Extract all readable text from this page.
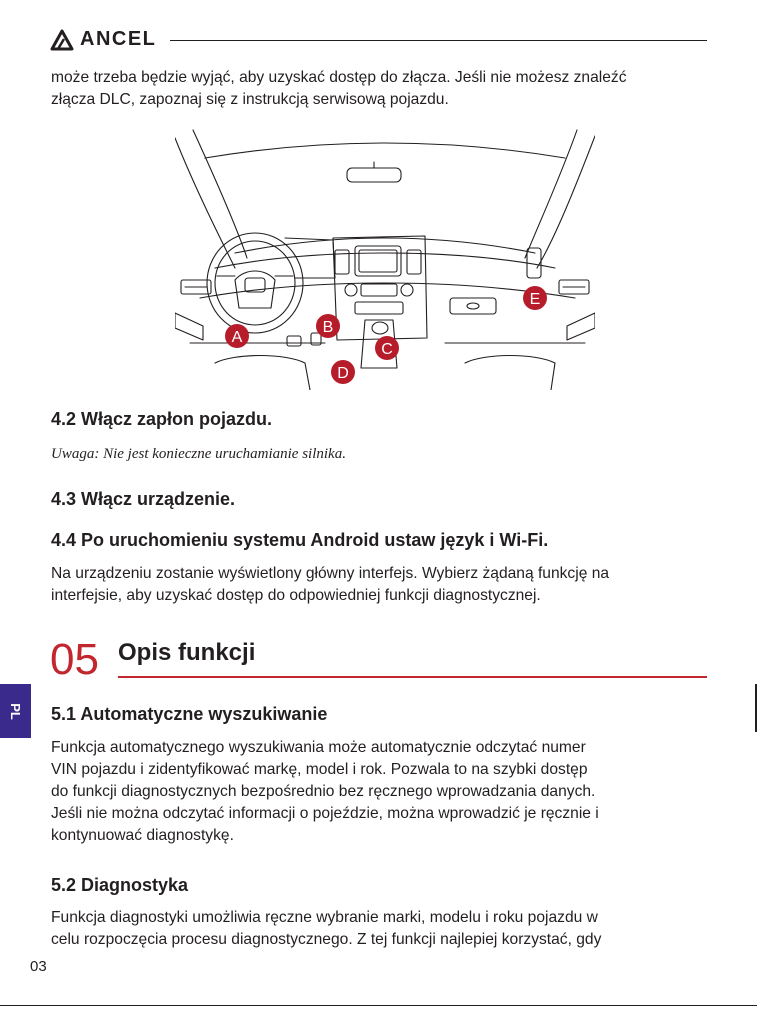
ANCEL

może trzeba będzie wyjąć, aby uzyskać dostęp do złącza. Jeśli nie możesz znaleźć

złącza DLC, zapoznaj się z instrukcją serwisową pojazdu.

A
B
C
D
E
4.2 Włącz zapłon pojazdu.

Uwaga: Nie jest konieczne uruchamianie silnika.

4.3 Włącz urządzenie.
4.4 Po uruchomieniu systemu Android ustaw język i Wi-Fi.

Na urządzeniu zostanie wyświetlony główny interfejs. Wybierz żądaną funkcję na

interfejsie, aby uzyskać dostęp do odpowiedniej funkcji diagnostycznej.

05 Opis funkcji
PL 5.1 Automatyczne wyszukiwanie

Funkcja automatycznego wyszukiwania może automatycznie odczytać numer

VIN pojazdu i zidentyfikować markę, model i rok. Pozwala to na szybki dostęp

do funkcji diagnostycznych bezpośrednio bez ręcznego wprowadzania danych.

Jeśli nie można odczytać informacji o pojeździe, można wprowadzić je ręcznie i

kontynuować diagnostykę.

5.2 Diagnostyka

Funkcja diagnostyki umożliwia ręczne wybranie marki, modelu i roku pojazdu w

celu rozpoczęcia procesu diagnostycznego. Z tej funkcji najlepiej korzystać, gdy

03
